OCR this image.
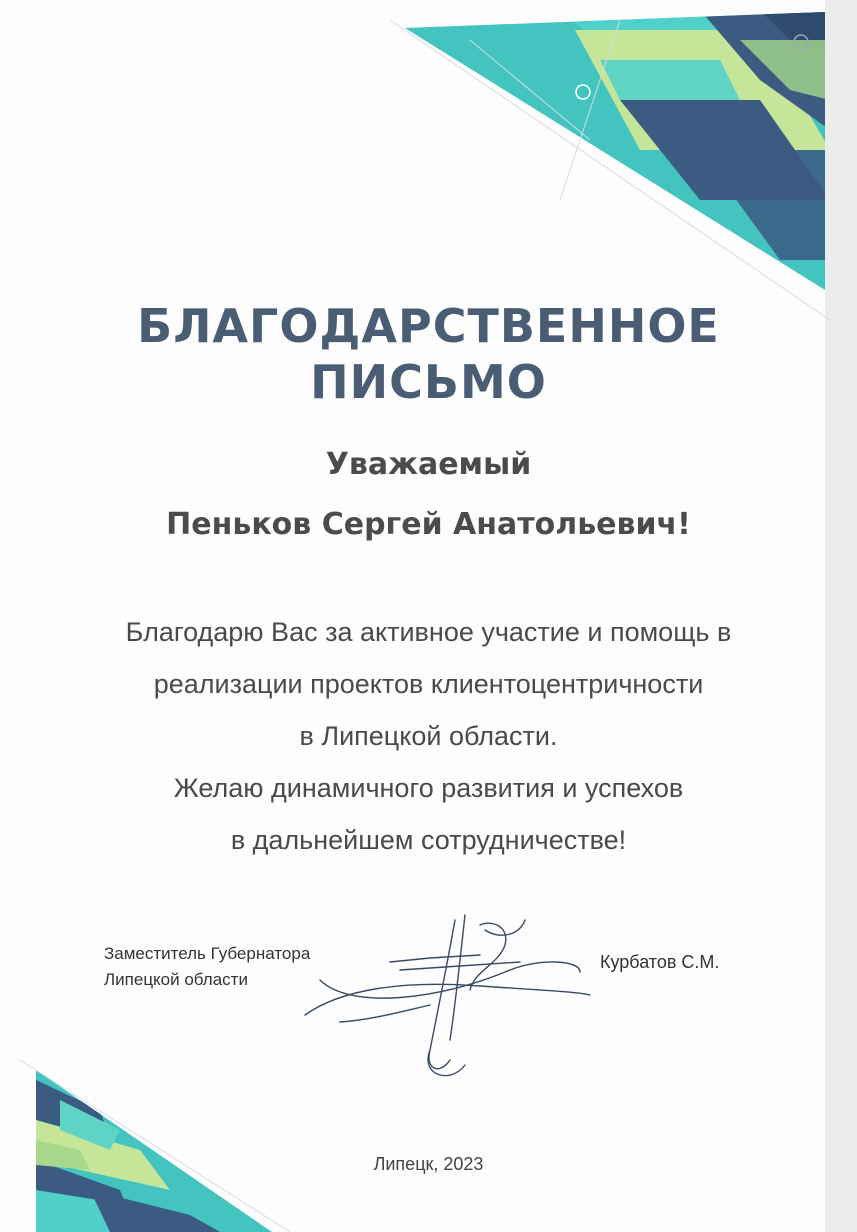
БЛАГОДАРСТВЕННОЕ
ПИСЬМО
Уважаемый
Пеньков Сергей Анатольевич!
Благодарю Вас за активное участие и помощь в
реализации проектов клиентоцентричности
в Липецкой области.
Желаю динамичного развития и успехов
в дальнейшем сотрудничестве!
Заместитель Губернатора
Липецкой области
Курбатов С.М.
Липецк, 2023
